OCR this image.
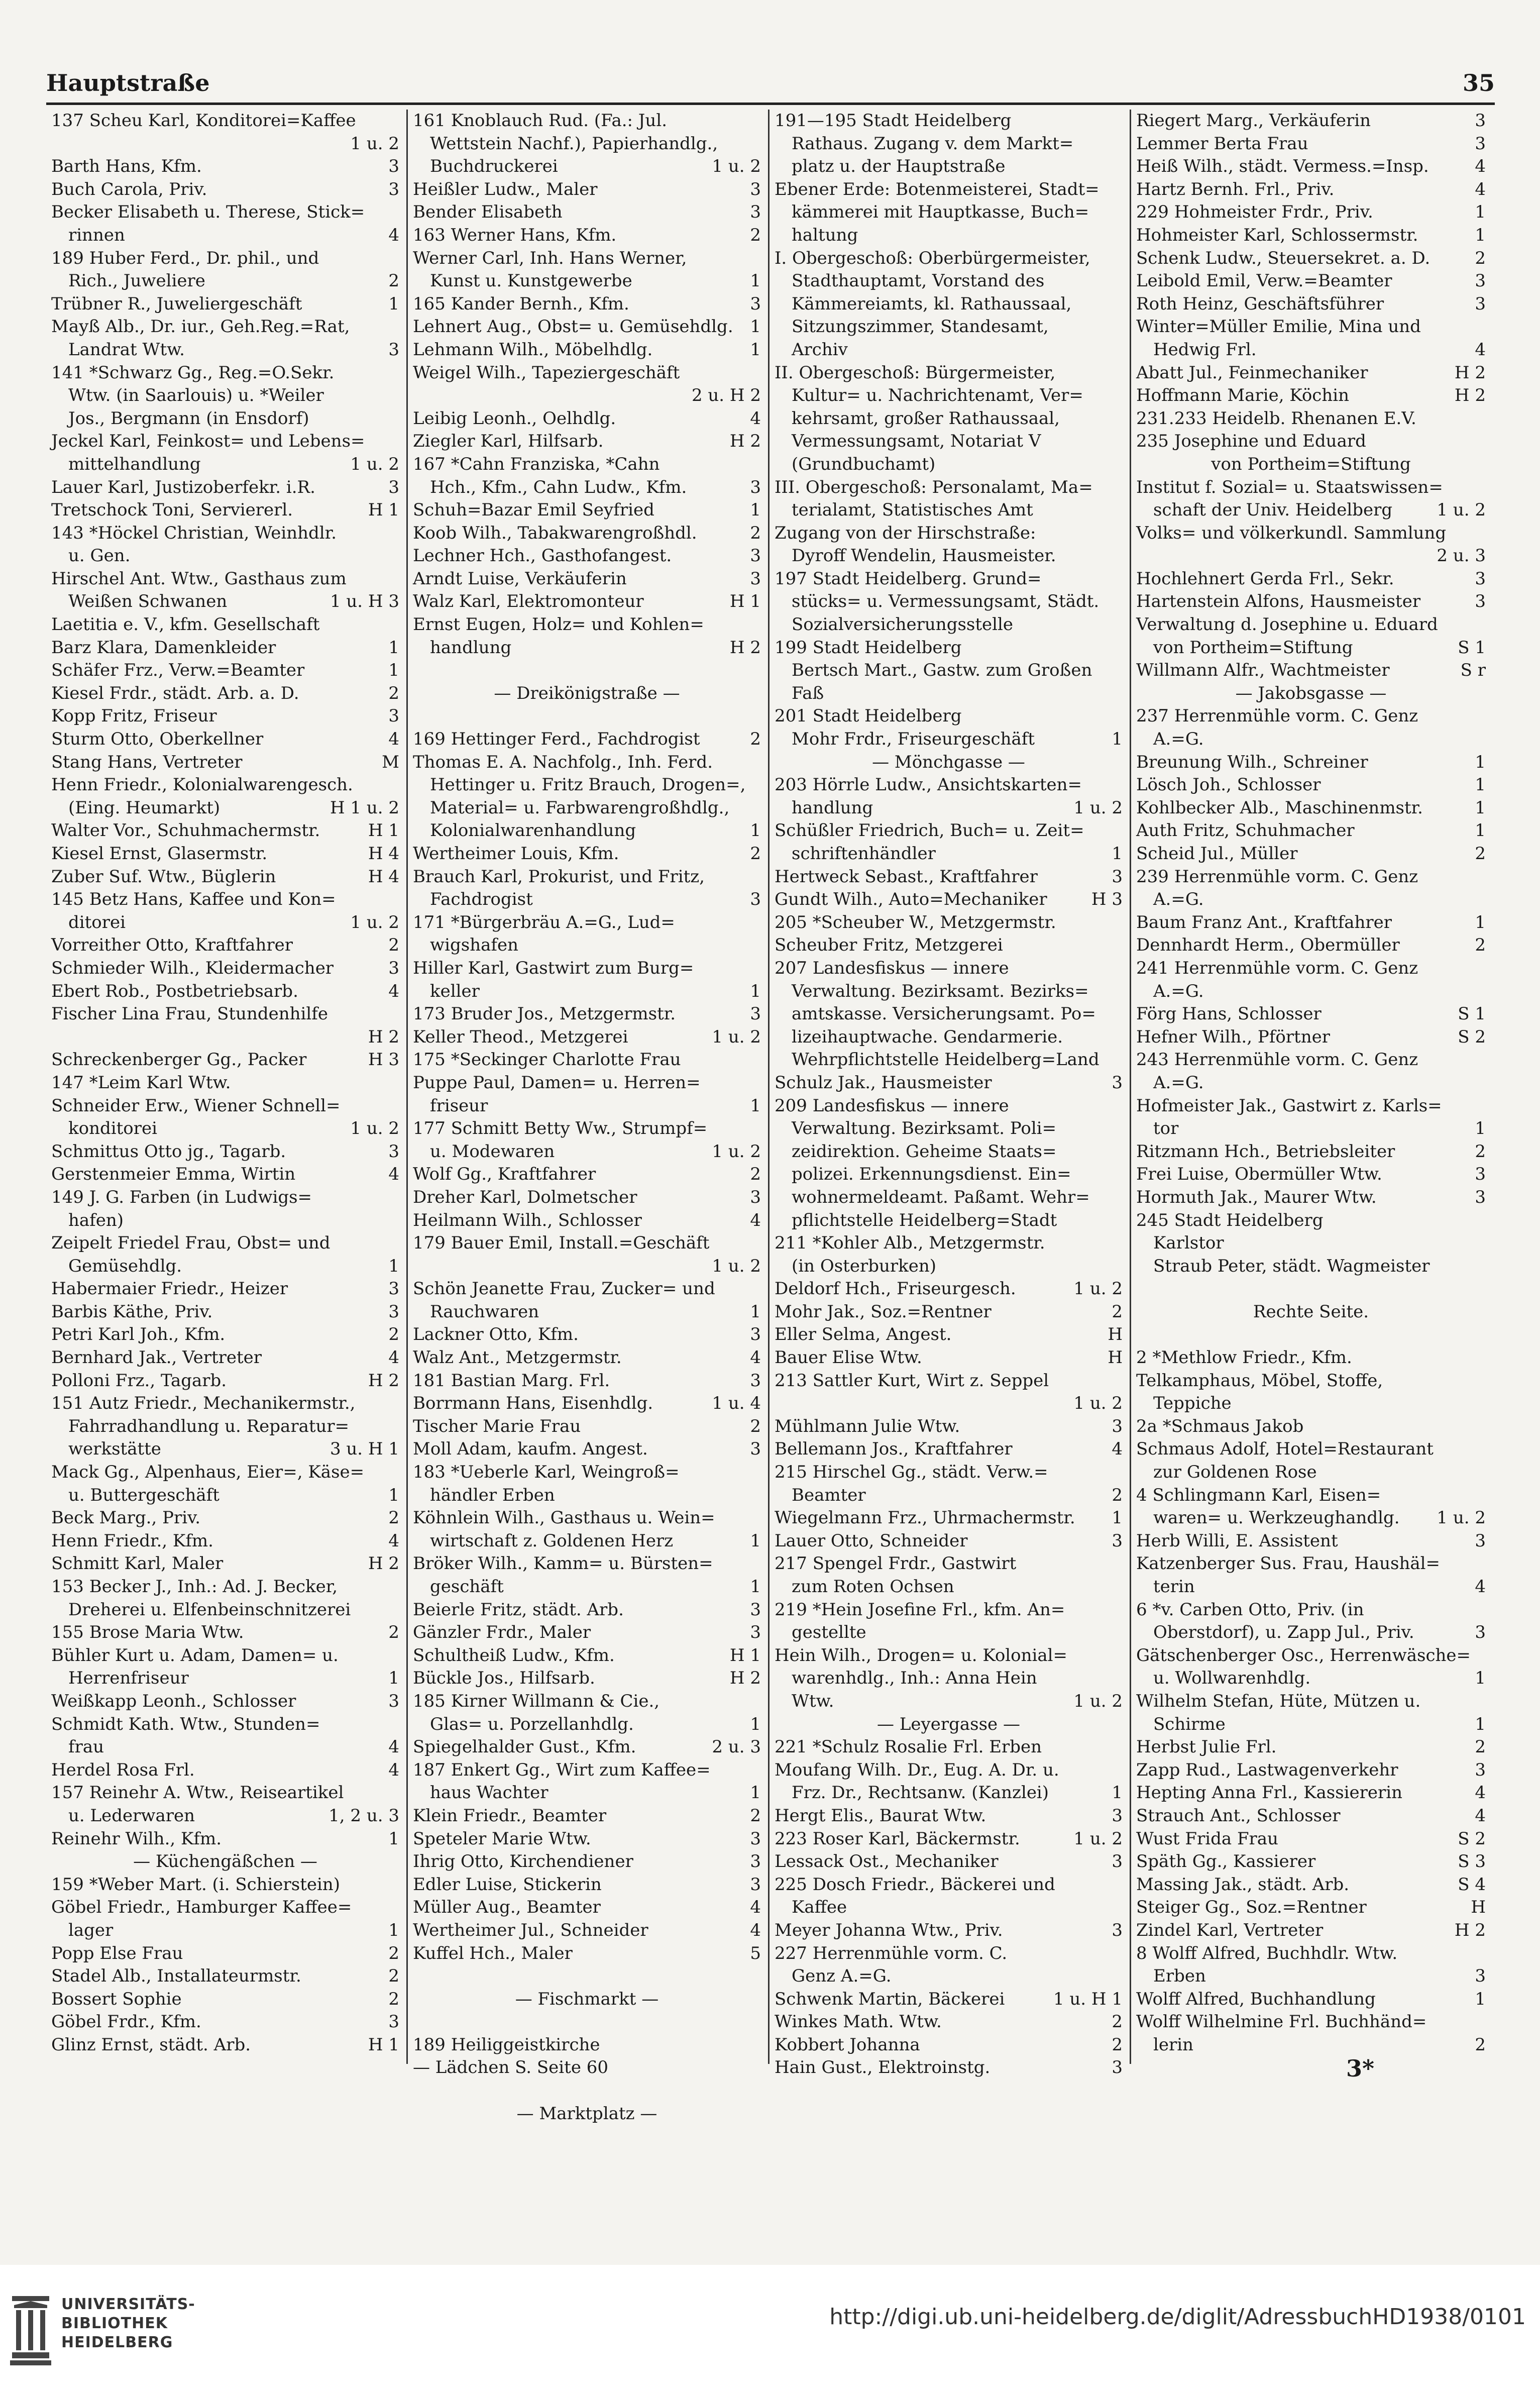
Hauptstraße	35
137 Scheu Karl, Konditorei=Kaffee
1 u. 2
Barth Hans, Kfm.	3
Buch Carola, Priv.	3
Becker Elisabeth u. Therese, Stick=
rinnen	4
189 Huber Ferd., Dr. phil., und
Rich., Juweliere	2
Trübner R., Juweliergeschäft	1
Mayß Alb., Dr. iur., Geh.Reg.=Rat,
Landrat Wtw.	3
141 *Schwarz Gg., Reg.=O.Sekr.
Wtw. (in Saarlouis) u. *Weiler
Jos., Bergmann (in Ensdorf)
Jeckel Karl, Feinkost= und Lebens=
mittelhandlung	1 u. 2
Lauer Karl, Justizoberfekr. i.R.	3
Tretschock Toni, Serviererl.	H 1
143 *Höckel Christian, Weinhdlr.
u. Gen.
Hirschel Ant. Wtw., Gasthaus zum
Weißen Schwanen	1 u. H 3
Laetitia e. V., kfm. Gesellschaft
Barz Klara, Damenkleider	1
Schäfer Frz., Verw.=Beamter	1
Kiesel Frdr., städt. Arb. a. D.	2
Kopp Fritz, Friseur	3
Sturm Otto, Oberkellner	4
Stang Hans, Vertreter	M
Henn Friedr., Kolonialwarengesch.
(Eing. Heumarkt)	H 1 u. 2
Walter Vor., Schuhmachermstr.	H 1
Kiesel Ernst, Glasermstr.	H 4
Zuber Suf. Wtw., Büglerin	H 4
145 Betz Hans, Kaffee und Kon=
ditorei	1 u. 2
Vorreither Otto, Kraftfahrer	2
Schmieder Wilh., Kleidermacher	3
Ebert Rob., Postbetriebsarb.	4
Fischer Lina Frau, Stundenhilfe
H 2
Schreckenberger Gg., Packer	H 3
147 *Leim Karl Wtw.
Schneider Erw., Wiener Schnell=
konditorei	1 u. 2
Schmittus Otto jg., Tagarb.	3
Gerstenmeier Emma, Wirtin	4
149 J. G. Farben (in Ludwigs=
hafen)
Zeipelt Friedel Frau, Obst= und
Gemüsehdlg.	1
Habermaier Friedr., Heizer	3
Barbis Käthe, Priv.	3
Petri Karl Joh., Kfm.	2
Bernhard Jak., Vertreter	4
Polloni Frz., Tagarb.	H 2
151 Autz Friedr., Mechanikermstr.,
Fahrradhandlung u. Reparatur=
werkstätte	3 u. H 1
Mack Gg., Alpenhaus, Eier=, Käse=
u. Buttergeschäft	1
Beck Marg., Priv.	2
Henn Friedr., Kfm.	4
Schmitt Karl, Maler	H 2
153 Becker J., Inh.: Ad. J. Becker,
Dreherei u. Elfenbeinschnitzerei
155 Brose Maria Wtw.	2
Bühler Kurt u. Adam, Damen= u.
Herrenfriseur	1
Weißkapp Leonh., Schlosser	3
Schmidt Kath. Wtw., Stunden=
frau	4
Herdel Rosa Frl.	4
157 Reinehr A. Wtw., Reiseartikel
u. Lederwaren	1, 2 u. 3
Reinehr Wilh., Kfm.	1
— Küchengäßchen —
159 *Weber Mart. (i. Schierstein)
Göbel Friedr., Hamburger Kaffee=
lager	1
Popp Else Frau	2
Stadel Alb., Installateurmstr.	2
Bossert Sophie	2
Göbel Frdr., Kfm.	3
Glinz Ernst, städt. Arb.	H 1
161 Knoblauch Rud. (Fa.: Jul.
Wettstein Nachf.), Papierhandlg.,
Buchdruckerei	1 u. 2
Heißler Ludw., Maler	3
Bender Elisabeth	3
163 Werner Hans, Kfm.	2
Werner Carl, Inh. Hans Werner,
Kunst u. Kunstgewerbe	1
165 Kander Bernh., Kfm.	3
Lehnert Aug., Obst= u. Gemüsehdlg. 1
Lehmann Wilh., Möbelhdlg.	1
Weigel Wilh., Tapeziergeschäft
2 u. H 2
Leibig Leonh., Oelhdlg.	4
Ziegler Karl, Hilfsarb.	H 2
167 *Cahn Franziska, *Cahn
Hch., Kfm., Cahn Ludw., Kfm.	3
Schuh=Bazar Emil Seyfried	1
Koob Wilh., Tabakwarengroßhdl.	2
Lechner Hch., Gasthofangest.	3
Arndt Luise, Verkäuferin	3
Walz Karl, Elektromonteur	H 1
Ernst Eugen, Holz= und Kohlen=
handlung	H 2
— Dreikönigstraße —
169 Hettinger Ferd., Fachdrogist	2
Thomas E. A. Nachfolg., Inh. Ferd.
Hettinger u. Fritz Brauch, Drogen=,
Material= u. Farbwarengroßhdlg.,
Kolonialwarenhandlung	1
Wertheimer Louis, Kfm.	2
Brauch Karl, Prokurist, und Fritz,
Fachdrogist	3
171 *Bürgerbräu A.=G., Lud=
wigshafen
Hiller Karl, Gastwirt zum Burg=
keller	1
173 Bruder Jos., Metzgermstr.	3
Keller Theod., Metzgerei	1 u. 2
175 *Seckinger Charlotte Frau
Puppe Paul, Damen= u. Herren=
friseur	1
177 Schmitt Betty Ww., Strumpf=
u. Modewaren	1 u. 2
Wolf Gg., Kraftfahrer	2
Dreher Karl, Dolmetscher	3
Heilmann Wilh., Schlosser	4
179 Bauer Emil, Install.=Geschäft
1 u. 2
Schön Jeanette Frau, Zucker= und
Rauchwaren	1
Lackner Otto, Kfm.	3
Walz Ant., Metzgermstr.	4
181 Bastian Marg. Frl.	3
Borrmann Hans, Eisenhdlg.	1 u. 4
Tischer Marie Frau	2
Moll Adam, kaufm. Angest.	3
183 *Ueberle Karl, Weingroß=
händler Erben
Köhnlein Wilh., Gasthaus u. Wein=
wirtschaft z. Goldenen Herz	1
Bröker Wilh., Kamm= u. Bürsten=
geschäft	1
Beierle Fritz, städt. Arb.	3
Gänzler Frdr., Maler	3
Schultheiß Ludw., Kfm.	H 1
Bückle Jos., Hilfsarb.	H 2
185 Kirner Willmann & Cie.,
Glas= u. Porzellanhdlg.	1
Spiegelhalder Gust., Kfm.	2 u. 3
187 Enkert Gg., Wirt zum Kaffee=
haus Wachter	1
Klein Friedr., Beamter	2
Speteler Marie Wtw.	3
Ihrig Otto, Kirchendiener	3
Edler Luise, Stickerin	3
Müller Aug., Beamter	4
Wertheimer Jul., Schneider	4
Kuffel Hch., Maler	5
— Fischmarkt —
189 Heiliggeistkirche
— Lädchen S. Seite 60
— Marktplatz —
191—195 Stadt Heidelberg
Rathaus. Zugang v. dem Markt=
platz u. der Hauptstraße
Ebener Erde: Botenmeisterei, Stadt=
kämmerei mit Hauptkasse, Buch=
haltung
I. Obergeschoß: Oberbürgermeister,
Stadthauptamt, Vorstand des
Kämmereiamts, kl. Rathaussaal,
Sitzungszimmer, Standesamt,
Archiv
II. Obergeschoß: Bürgermeister,
Kultur= u. Nachrichtenamt, Ver=
kehrsamt, großer Rathaussaal,
Vermessungsamt, Notariat V
(Grundbuchamt)
III. Obergeschoß: Personalamt, Ma=
terialamt, Statistisches Amt
Zugang von der Hirschstraße:
Dyroff Wendelin, Hausmeister.
197 Stadt Heidelberg. Grund=
stücks= u. Vermessungsamt, Städt.
Sozialversicherungsstelle
199 Stadt Heidelberg
Bertsch Mart., Gastw. zum Großen
Faß
201 Stadt Heidelberg
Mohr Frdr., Friseurgeschäft	1
— Mönchgasse —
203 Hörrle Ludw., Ansichtskarten=
handlung	1 u. 2
Schüßler Friedrich, Buch= u. Zeit=
schriftenhändler	1
Hertweck Sebast., Kraftfahrer	3
Gundt Wilh., Auto=Mechaniker	H 3
205 *Scheuber W., Metzgermstr.
Scheuber Fritz, Metzgerei
207 Landesfiskus — innere
Verwaltung. Bezirksamt. Bezirks=
amtskasse. Versicherungsamt. Po=
lizeihauptwache. Gendarmerie.
Wehrpflichtstelle Heidelberg=Land
Schulz Jak., Hausmeister	3
209 Landesfiskus — innere
Verwaltung. Bezirksamt. Poli=
zeidirektion. Geheime Staats=
polizei. Erkennungsdienst. Ein=
wohnermeldeamt. Paßamt. Wehr=
pflichtstelle Heidelberg=Stadt
211 *Kohler Alb., Metzgermstr.
(in Osterburken)
Deldorf Hch., Friseurgesch.	1 u. 2
Mohr Jak., Soz.=Rentner	2
Eller Selma, Angest.	H
Bauer Elise Wtw.	H
213 Sattler Kurt, Wirt z. Seppel
1 u. 2
Mühlmann Julie Wtw.	3
Bellemann Jos., Kraftfahrer	4
215 Hirschel Gg., städt. Verw.=
Beamter	2
Wiegelmann Frz., Uhrmachermstr. 1
Lauer Otto, Schneider	3
217 Spengel Frdr., Gastwirt
zum Roten Ochsen
219 *Hein Josefine Frl., kfm. An=
gestellte
Hein Wilh., Drogen= u. Kolonial=
warenhdlg., Inh.: Anna Hein
Wtw.	1 u. 2
— Leyergasse —
221 *Schulz Rosalie Frl. Erben
Moufang Wilh. Dr., Eug. A. Dr. u.
Frz. Dr., Rechtsanw. (Kanzlei)	1
Hergt Elis., Baurat Wtw.	3
223 Roser Karl, Bäckermstr.	1 u. 2
Lessack Ost., Mechaniker	3
225 Dosch Friedr., Bäckerei und
Kaffee
Meyer Johanna Wtw., Priv.	3
227 Herrenmühle vorm. C.
Genz A.=G.
Schwenk Martin, Bäckerei	1 u. H 1
Winkes Math. Wtw.	2
Kobbert Johanna	2
Hain Gust., Elektroinstg.	3
Riegert Marg., Verkäuferin	3
Lemmer Berta Frau	3
Heiß Wilh., städt. Vermess.=Insp.	4
Hartz Bernh. Frl., Priv.	4
229 Hohmeister Frdr., Priv.	1
Hohmeister Karl, Schlossermstr.	1
Schenk Ludw., Steuersekret. a. D.	2
Leibold Emil, Verw.=Beamter	3
Roth Heinz, Geschäftsführer	3
Winter=Müller Emilie, Mina und
Hedwig Frl.	4
Abatt Jul., Feinmechaniker	H 2
Hoffmann Marie, Köchin	H 2
231.233 Heidelb. Rhenanen E.V.
235 Josephine und Eduard
von Portheim=Stiftung
Institut f. Sozial= u. Staatswissen=
schaft der Univ. Heidelberg	1 u. 2
Volks= und völkerkundl. Sammlung
2 u. 3
Hochlehnert Gerda Frl., Sekr.	3
Hartenstein Alfons, Hausmeister	3
Verwaltung d. Josephine u. Eduard
von Portheim=Stiftung	S 1
Willmann Alfr., Wachtmeister	S r
— Jakobsgasse —
237 Herrenmühle vorm. C. Genz
A.=G.
Breunung Wilh., Schreiner	1
Lösch Joh., Schlosser	1
Kohlbecker Alb., Maschinenmstr.	1
Auth Fritz, Schuhmacher	1
Scheid Jul., Müller	2
239 Herrenmühle vorm. C. Genz
A.=G.
Baum Franz Ant., Kraftfahrer	1
Dennhardt Herm., Obermüller	2
241 Herrenmühle vorm. C. Genz
A.=G.
Förg Hans, Schlosser	S 1
Hefner Wilh., Pförtner	S 2
243 Herrenmühle vorm. C. Genz
A.=G.
Hofmeister Jak., Gastwirt z. Karls=
tor	1
Ritzmann Hch., Betriebsleiter	2
Frei Luise, Obermüller Wtw.	3
Hormuth Jak., Maurer Wtw.	3
245 Stadt Heidelberg
Karlstor
Straub Peter, städt. Wagmeister
Rechte Seite.
2 *Methlow Friedr., Kfm.
Telkamphaus, Möbel, Stoffe,
Teppiche
2a *Schmaus Jakob
Schmaus Adolf, Hotel=Restaurant
zur Goldenen Rose
4 Schlingmann Karl, Eisen=
waren= u. Werkzeughandlg. 1 u. 2
Herb Willi, E. Assistent	3
Katzenberger Sus. Frau, Haushäl=
terin	4
6 *v. Carben Otto, Priv. (in
Oberstdorf), u. Zapp Jul., Priv.	3
Gätschenberger Osc., Herrenwäsche=
u. Wollwarenhdlg.	1
Wilhelm Stefan, Hüte, Mützen u.
Schirme	1
Herbst Julie Frl.	2
Zapp Rud., Lastwagenverkehr	3
Hepting Anna Frl., Kassiererin	4
Strauch Ant., Schlosser	4
Wust Frida Frau	S 2
Späth Gg., Kassierer	S 3
Massing Jak., städt. Arb.	S 4
Steiger Gg., Soz.=Rentner	H
Zindel Karl, Vertreter	H 2
8 Wolff Alfred, Buchhdlr. Wtw.
Erben	3
Wolff Alfred, Buchhandlung	1
Wolff Wilhelmine Frl. Buchhänd=
lerin	2
3*
UNIVERSITÄTS-
BIBLIOTHEK
HEIDELBERG
http://digi.ub.uni-heidelberg.de/diglit/AdressbuchHD1938/0101
